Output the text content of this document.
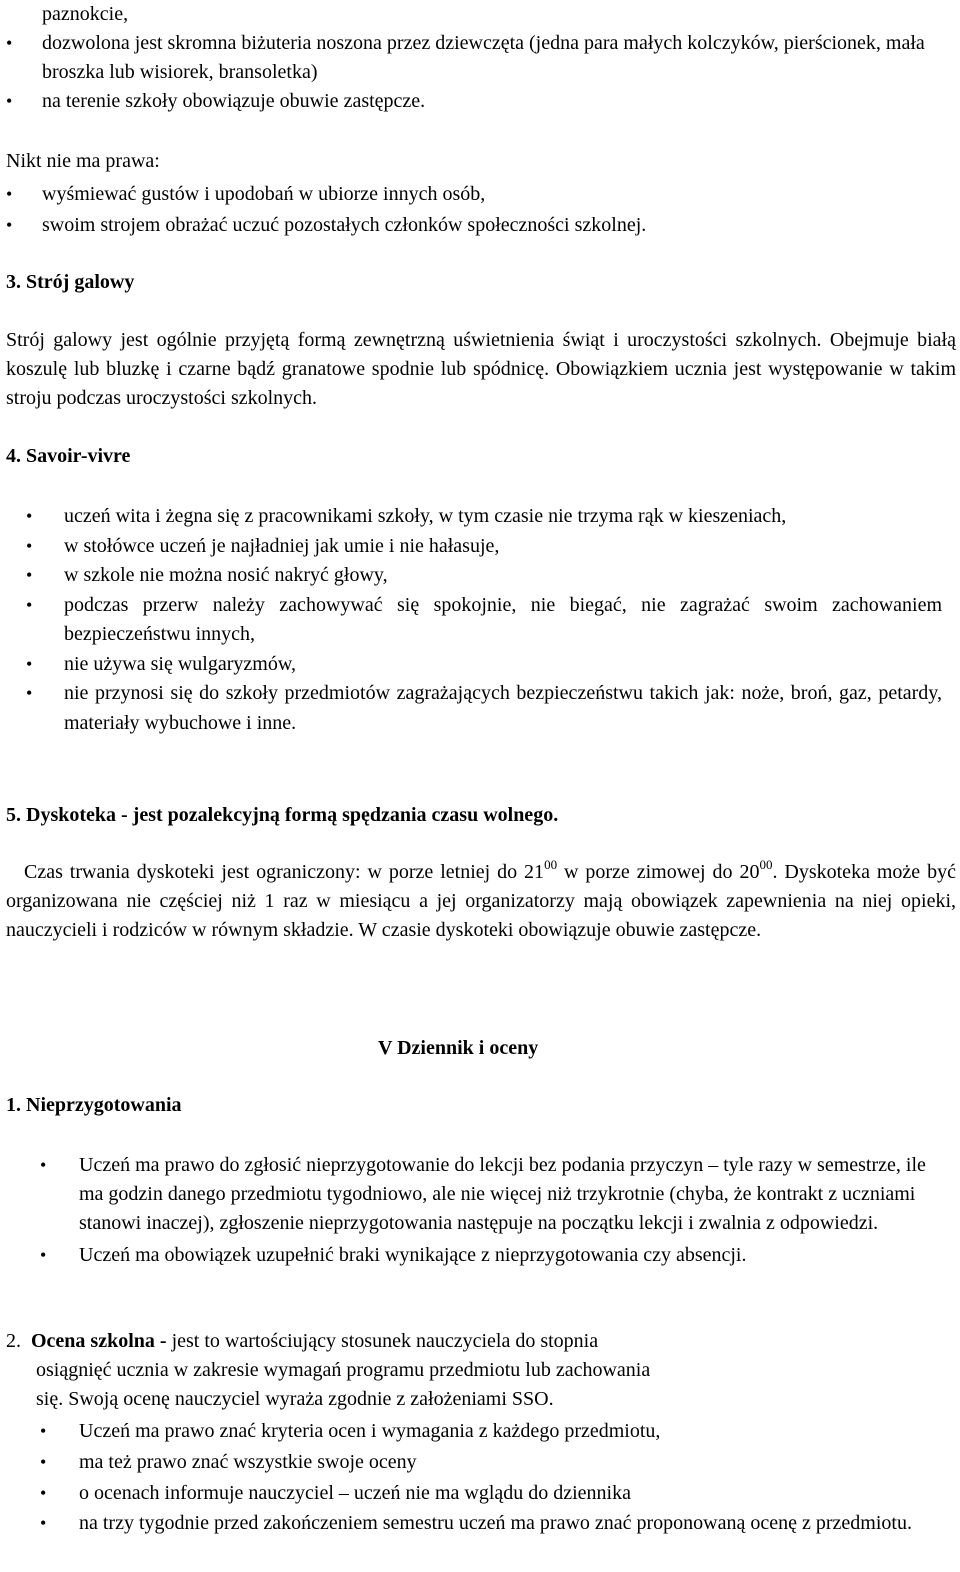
paznokcie,

• dozwolona jest skromna biżuteria noszona przez dziewczęta (jedna para małych kolczyków, pierścionek, mała broszka lub wisiorek, bransoletka)
• na terenie szkoły obowiązuje obuwie zastępcze.

Nikt nie ma prawa:

• wyśmiewać gustów i upodobań w ubiorze innych osób,
• swoim strojem obrażać uczuć pozostałych członków społeczności szkolnej.

3. Strój galowy

Strój galowy jest ogólnie przyjętą formą zewnętrzną uświetnienia świąt i uroczystości szkolnych. Obejmuje białą koszulę lub bluzkę i czarne bądź granatowe spodnie lub spódnicę. Obowiązkiem ucznia jest występowanie w takim stroju podczas uroczystości szkolnych.

4. Savoir-vivre

• uczeń wita i żegna się z pracownikami szkoły, w tym czasie nie trzyma rąk w kieszeniach,
• w stołówce uczeń je najładniej jak umie i nie hałasuje,
• w szkole nie można nosić nakryć głowy,
• podczas przerw należy zachowywać się spokojnie, nie biegać, nie zagrażać swoim zachowaniem bezpieczeństwu innych,
• nie używa się wulgaryzmów,
• nie przynosi się do szkoły przedmiotów zagrażających bezpieczeństwu takich jak: noże, broń, gaz, petardy, materiały wybuchowe i inne.

5. Dyskoteka - jest pozalekcyjną formą spędzania czasu wolnego.

Czas trwania dyskoteki jest ograniczony: w porze letniej do $21^{00}$ w porze zimowej do $20^{00}$. Dyskoteka może być organizowana nie częściej niż 1 raz w miesiącu a jej organizatorzy mają obowiązek zapewnienia na niej opieki, nauczycieli i rodziców w równym składzie. W czasie dyskoteki obowiązuje obuwie zastępcze.

V Dziennik i oceny

1. Nieprzygotowania

• Uczeń ma prawo do zgłosić nieprzygotowanie do lekcji bez podania przyczyn – tyle razy w semestrze, ile ma godzin danego przedmiotu tygodniowo, ale nie więcej niż trzykrotnie (chyba, że kontrakt z uczniami stanowi inaczej), zgłoszenie nieprzygotowania następuje na początku lekcji i zwalnia z odpowiedzi.
• Uczeń ma obowiązek uzupełnić braki wynikające z nieprzygotowania czy absencji.
2.  Ocena szkolna - jest to wartościujący stosunek nauczyciela do stopnia
osiągnięć ucznia w zakresie wymagań programu przedmiotu lub zachowania
się. Swoją ocenę nauczyciel wyraża zgodnie z założeniami SSO.
• Uczeń ma prawo znać kryteria ocen i wymagania z każdego przedmiotu,
• ma też prawo znać wszystkie swoje oceny
• o ocenach informuje nauczyciel – uczeń nie ma wglądu do dziennika
• na trzy tygodnie przed zakończeniem semestru uczeń ma prawo znać proponowaną ocenę z przedmiotu.
